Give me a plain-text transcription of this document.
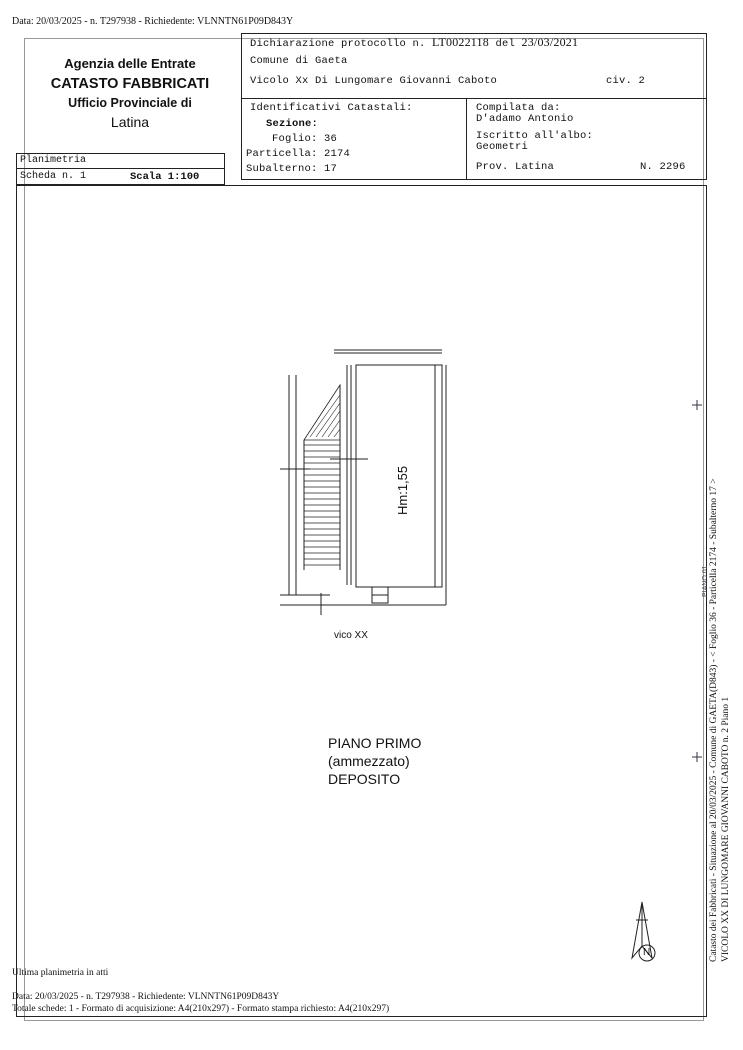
Data: 20/03/2025 - n. T297938 - Richiedente: VLNNTN61P09D843Y
Agenzia delle Entrate
CATASTO FABBRICATI
Ufficio Provinciale di
Latina
Dichiarazione protocollo n. LT0022118 del 23/03/2021
Comune di Gaeta
Vicolo Xx Di Lungomare Giovanni Caboto	civ. 2
Identificativi Catastali:
Sezione:
Foglio: 36
Particella: 2174
Subalterno: 17
Compilata da:
D'adamo Antonio
Iscritto all'albo:
Geometri
Prov. Latina	N. 2296
Planimetria
Scheda n. 1	Scala 1:100
Hm:1,55
vico XX
PIANO PRIMO
(ammezzato)
DEPOSITO
N
PIANO 01 Catasto dei Fabbricati - Situazione al 20/03/2025 - Comune di GAETA(D843) - < Foglio 36 - Particella 2174 - Subalterno 17 > VICOLO XX DI LUNGOMARE GIOVANNI CABOTO n. 2 Piano 1
Ultima planimetria in atti
Data: 20/03/2025 - n. T297938 - Richiedente: VLNNTN61P09D843Y
Totale schede: 1 - Formato di acquisizione: A4(210x297) - Formato stampa richiesto: A4(210x297)
